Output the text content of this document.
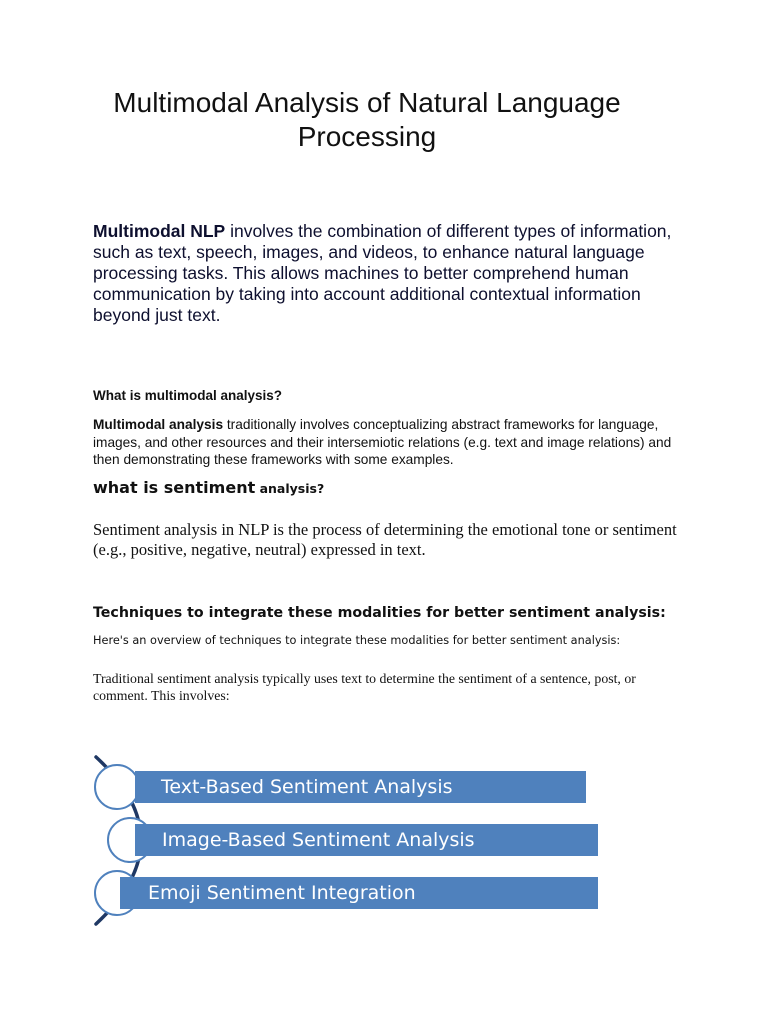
Multimodal Analysis of Natural Language
Processing
Multimodal NLP involves the combination of different types of information, such as text, speech, images, and videos, to enhance natural language processing tasks. This allows machines to better comprehend human communication by taking into account additional contextual information beyond just text.
What is multimodal analysis?
Multimodal analysis traditionally involves conceptualizing abstract frameworks for language, images, and other resources and their intersemiotic relations (e.g. text and image relations) and then demonstrating these frameworks with some examples.
what is sentiment analysis?
Sentiment analysis in NLP is the process of determining the emotional tone or sentiment (e.g., positive, negative, neutral) expressed in text.
Techniques to integrate these modalities for better sentiment analysis:
Here's an overview of techniques to integrate these modalities for better sentiment analysis:
Traditional sentiment analysis typically uses text to determine the sentiment of a sentence, post, or comment. This involves:
Text-Based Sentiment Analysis
Image-Based Sentiment Analysis
Emoji Sentiment Integration
